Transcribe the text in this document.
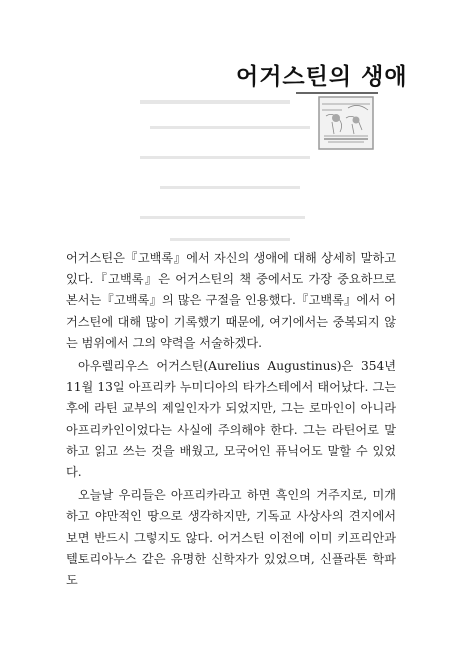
어거스틴의 생애

어거스틴은『고백록』에서 자신의 생애에 대해 상세히 말하고 있다.『고백록』은 어거스틴의 책 중에서도 가장 중요하므로 본서는『고백록』의 많은 구절을 인용했다.『고백록』에서 어거스틴에 대해 많이 기록했기 때문에, 여기에서는 중복되지 않는 범위에서 그의 약력을 서술하겠다.

아우렐리우스 어거스틴(Aurelius Augustinus)은 354년 11월 13일 아프리카 누미디아의 타가스테에서 태어났다. 그는 후에 라틴 교부의 제일인자가 되었지만, 그는 로마인이 아니라 아프리카인이었다는 사실에 주의해야 한다. 그는 라틴어로 말하고 읽고 쓰는 것을 배웠고, 모국어인 퓨닉어도 말할 수 있었다.

오늘날 우리들은 아프리카라고 하면 흑인의 거주지로, 미개하고 야만적인 땅으로 생각하지만, 기독교 사상사의 견지에서 보면 반드시 그렇지도 않다. 어거스틴 이전에 이미 키프리안과 텔토리아누스 같은 유명한 신학자가 있었으며, 신플라톤 학파도
